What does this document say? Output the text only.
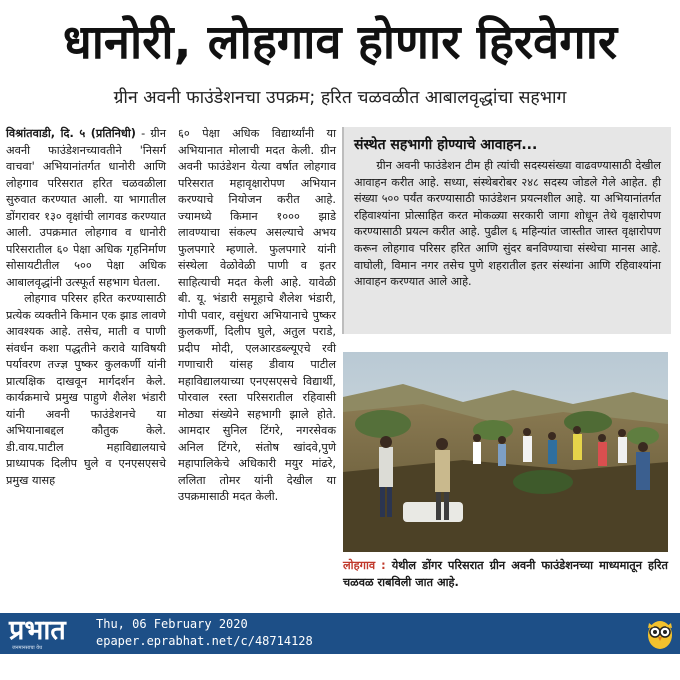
धानोरी, लोहगाव होणार हिरवेगार
ग्रीन अवनी फाउंडेशनचा उपक्रम; हरित चळवळीत आबालवृद्धांचा सहभाग

विश्रांतवाडी, दि. ५ (प्रतिनिधी) - ग्रीन अवनी फाउंडेशनच्यावतीने 'निसर्ग वाचवा' अभियानांतर्गत धानोरी आणि लोहगाव परिसरात हरित चळवळीला सुरुवात करण्यात आली. या भागातील डोंगरावर १३० वृक्षांची लागवड करण्यात आली. उपक्रमात लोहगाव व धानोरी परिसरातील ६० पेक्षा अधिक गृहनिर्माण सोसायटीतील ५०० पेक्षा अधिक आबालवृद्धांनी उत्स्फूर्त सहभाग घेतला.

लोहगाव परिसर हरित करण्यासाठी प्रत्येक व्यक्तीने किमान एक झाड लावणे आवश्यक आहे. तसेच, माती व पाणी संवर्धन कशा पद्धतीने करावे याविषयी पर्यावरण तज्ज्ञ पुष्कर कुलकर्णी यांनी प्रात्यक्षिक दाखवून मार्गदर्शन केले. कार्यक्रमाचे प्रमुख पाहुणे शैलेश भंडारी यांनी अवनी फाउंडेशनचे या अभियानाबद्दल कौतुक केले. डी.वाय.पाटील महाविद्यालयाचे प्राध्यापक दिलीप घुले व एनएसएसचे प्रमुख यासह

६० पेक्षा अधिक विद्यार्थ्यांनी या अभियानात मोलाची मदत केली. ग्रीन अवनी फाउंडेशन येत्या वर्षात लोहगाव परिसरात महावृक्षारोपण अभियान करण्याचे नियोजन करीत आहे. ज्यामध्ये किमान १००० झाडे लावण्याचा संकल्प असल्याचे अभय फुलपगारे म्हणाले. फुलपगारे यांनी संस्थेला वेळोवेळी पाणी व इतर साहित्याची मदत केली आहे. यावेळी बी. यू. भंडारी समूहाचे शैलेश भंडारी, गोपी पवार, वसुंधरा अभियानाचे पुष्कर कुलकर्णी, दिलीप घुले, अतुल पराडे, प्रदीप मोदी, एलआरडब्ल्यूएचे रवी गणाचारी यांसह डीवाय पाटील महाविद्यालयाच्या एनएसएसचे विद्यार्थी, पोरवाल रस्ता परिसरातील रहिवासी मोठ्या संख्येने सहभागी झाले होते. आमदार सुनिल टिंगरे, नगरसेवक अनिल टिंगरे, संतोष खांदवे,पुणे महापालिकेचे अधिकारी मयुर मांढरे, ललिता तोमर यांनी देखील या उपक्रमासाठी मदत केली.

संस्थेत सहभागी होण्याचे आवाहन...
ग्रीन अवनी फाउंडेशन टीम ही त्यांची सदस्यसंख्या वाढवण्यासाठी देखील आवाहन करीत आहे. सध्या, संस्थेबरोबर २४८ सदस्य जोडले गेले आहेत. ही संख्या ५०० पर्यंत करण्यासाठी फाउंडेशन प्रयत्नशील आहे. या अभियानांतर्गत रहिवाश्यांना प्रोत्साहित करत मोकळ्या सरकारी जागा शोधून तेथे वृक्षारोपण करण्यासाठी प्रयत्न करीत आहे. पुढील ६ महिन्यांत जास्तीत जास्त वृक्षारोपण करून लोहगाव परिसर हरित आणि सुंदर बनविण्याचा संस्थेचा मानस आहे. वाघोली, विमान नगर तसेच पुणे शहरातील इतर संस्थांना आणि रहिवाश्यांना आवाहन करण्यात आले आहे.
लोहगाव : येथील डोंगर परिसरात ग्रीन अवनी फाउंडेशनच्या माध्यमातून हरित चळवळ राबविली जात आहे.
प्रभात
जनमानसाचा वेध
Thu, 06 February 2020
epaper.eprabhat.net/c/48714128
